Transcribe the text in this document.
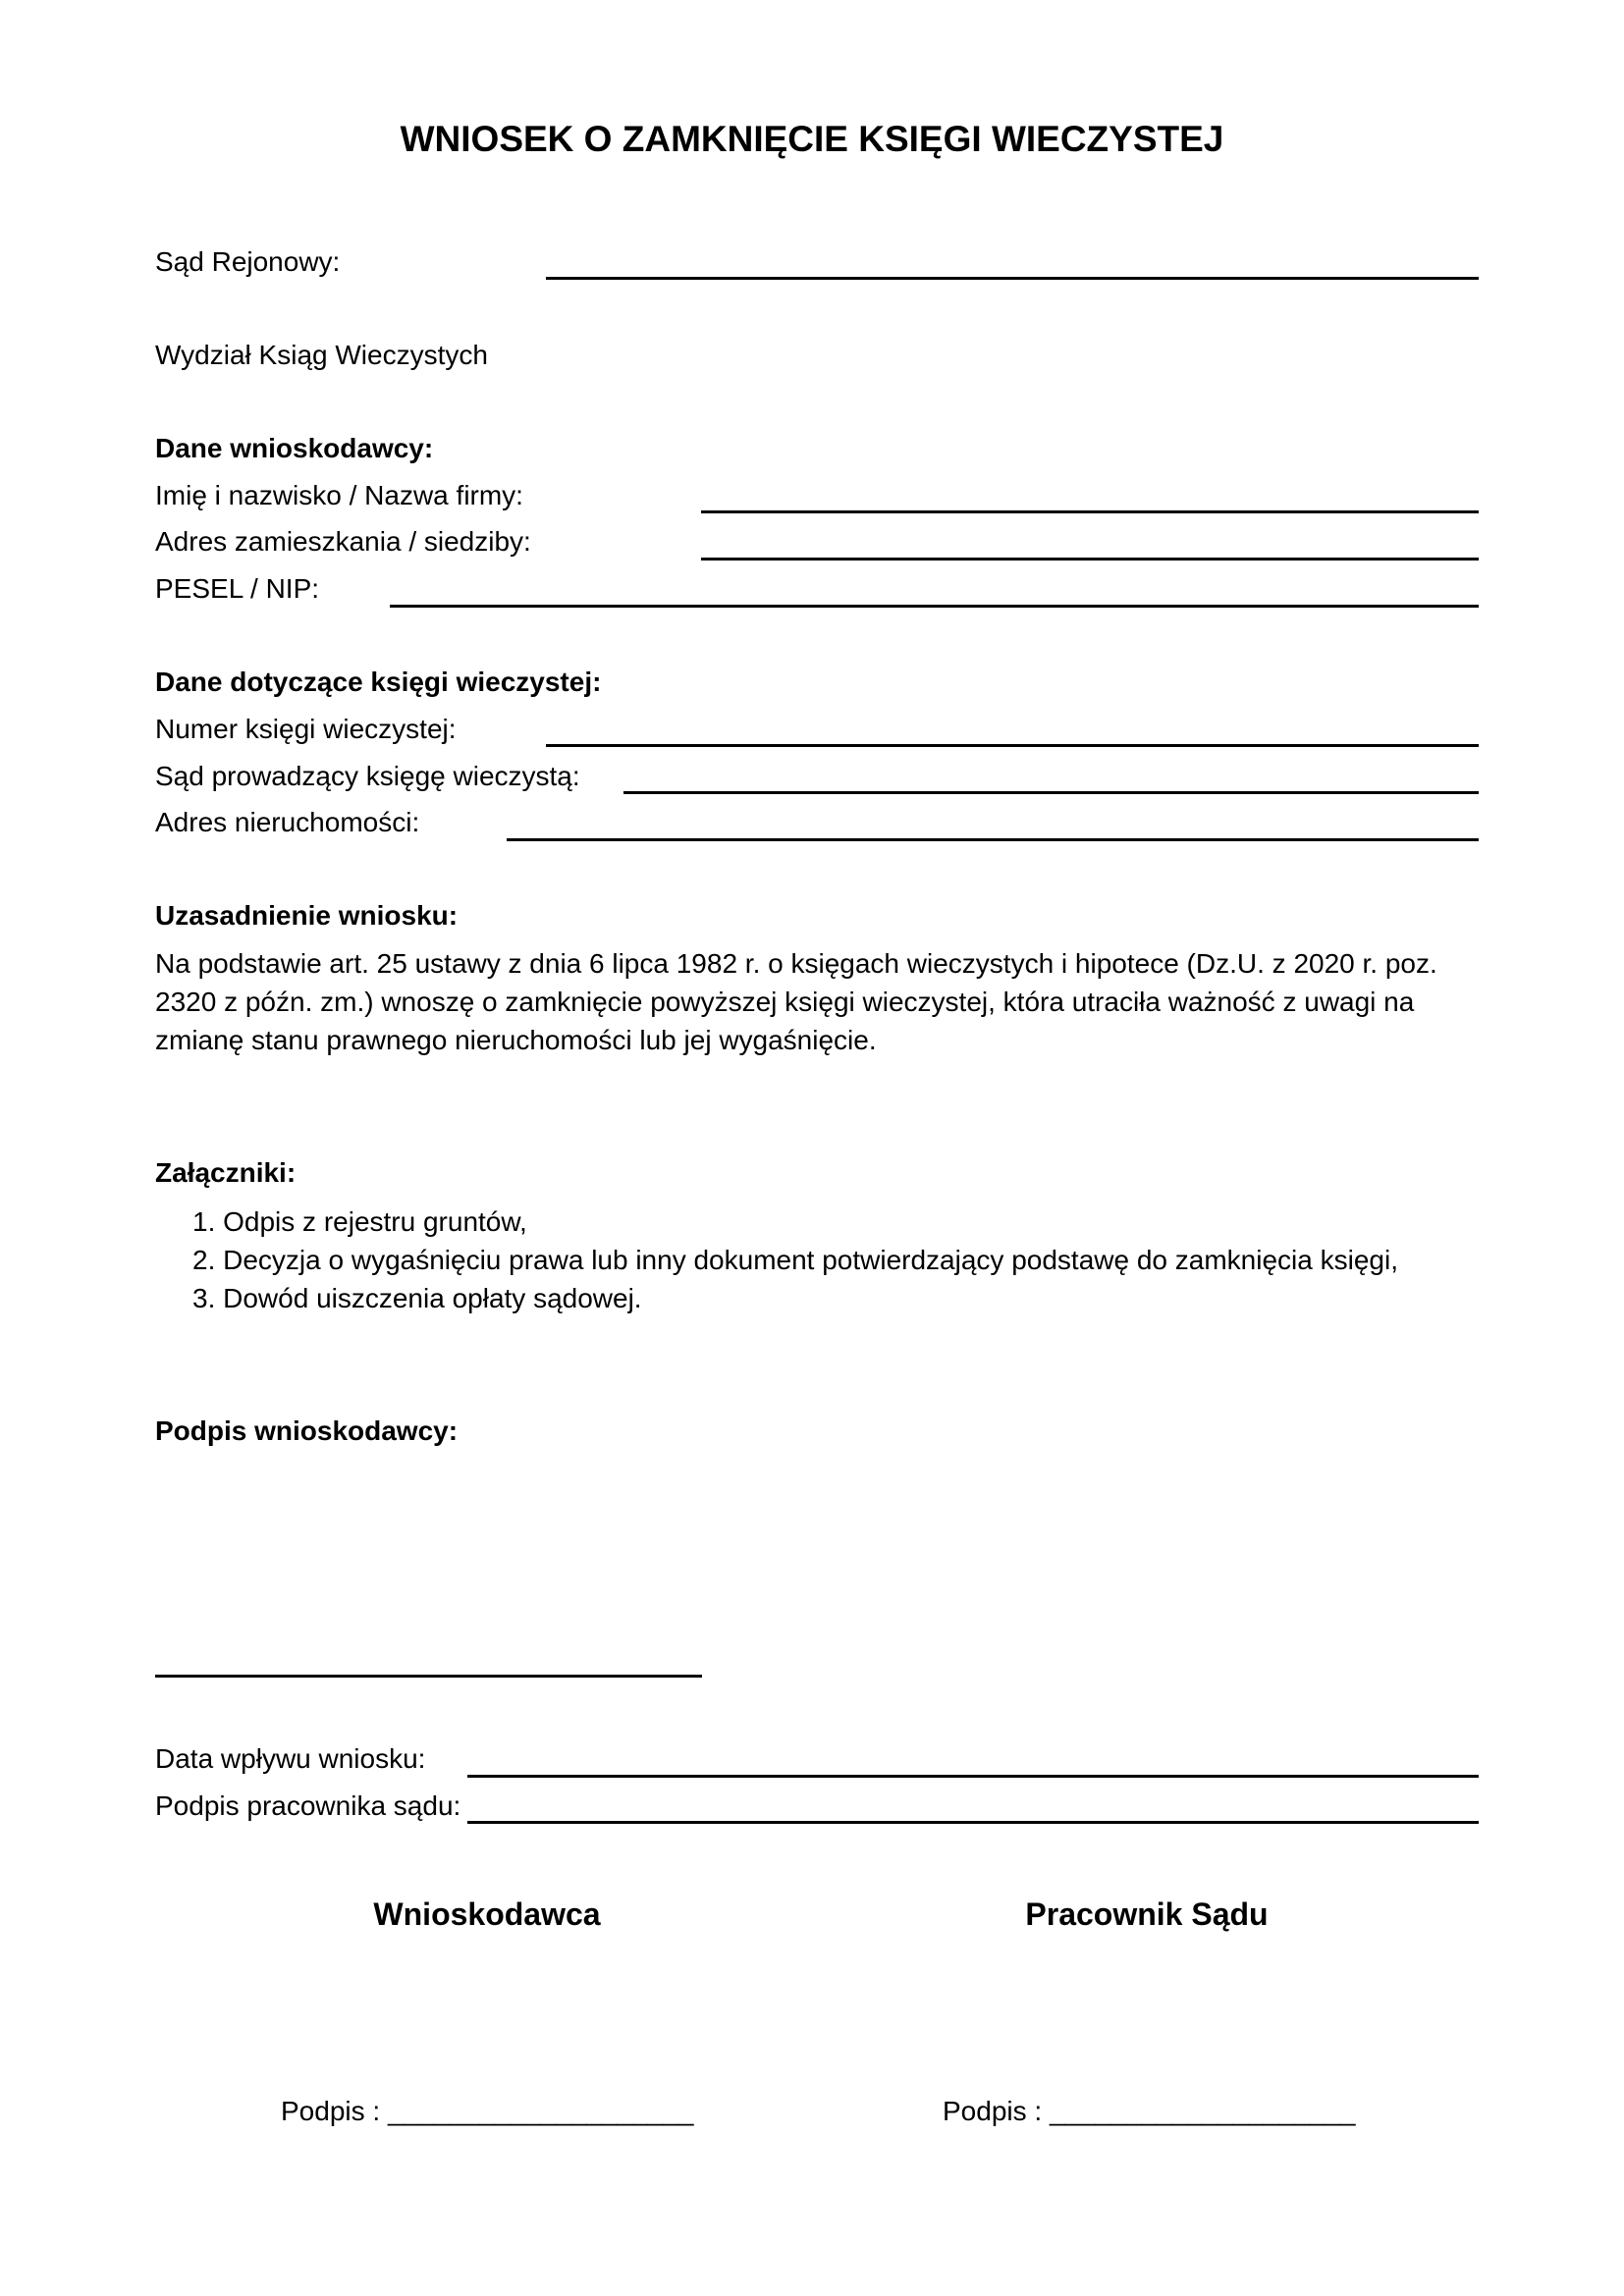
WNIOSEK O ZAMKNIĘCIE KSIĘGI WIECZYSTEJ
Sąd Rejonowy:
Wydział Ksiąg Wieczystych
Dane wnioskodawcy:
Imię i nazwisko / Nazwa firmy:
Adres zamieszkania / siedziby:
PESEL / NIP:
Dane dotyczące księgi wieczystej:
Numer księgi wieczystej:
Sąd prowadzący księgę wieczystą:
Adres nieruchomości:
Uzasadnienie wniosku:
Na podstawie art. 25 ustawy z dnia 6 lipca 1982 r. o księgach wieczystych i hipotece (Dz.U. z 2020 r. poz. 2320 z późn. zm.) wnoszę o zamknięcie powyższej księgi wieczystej, która utraciła ważność z uwagi na zmianę stanu prawnego nieruchomości lub jej wygaśnięcie.
Załączniki:
1. Odpis z rejestru gruntów,
2. Decyzja o wygaśnięciu prawa lub inny dokument potwierdzający podstawę do zamknięcia księgi,
3. Dowód uiszczenia opłaty sądowej.
Podpis wnioskodawcy:
Data wpływu wniosku:
Podpis pracownika sądu:
Wnioskodawca	Pracownik Sądu
Podpis : ____________________	Podpis : ____________________
